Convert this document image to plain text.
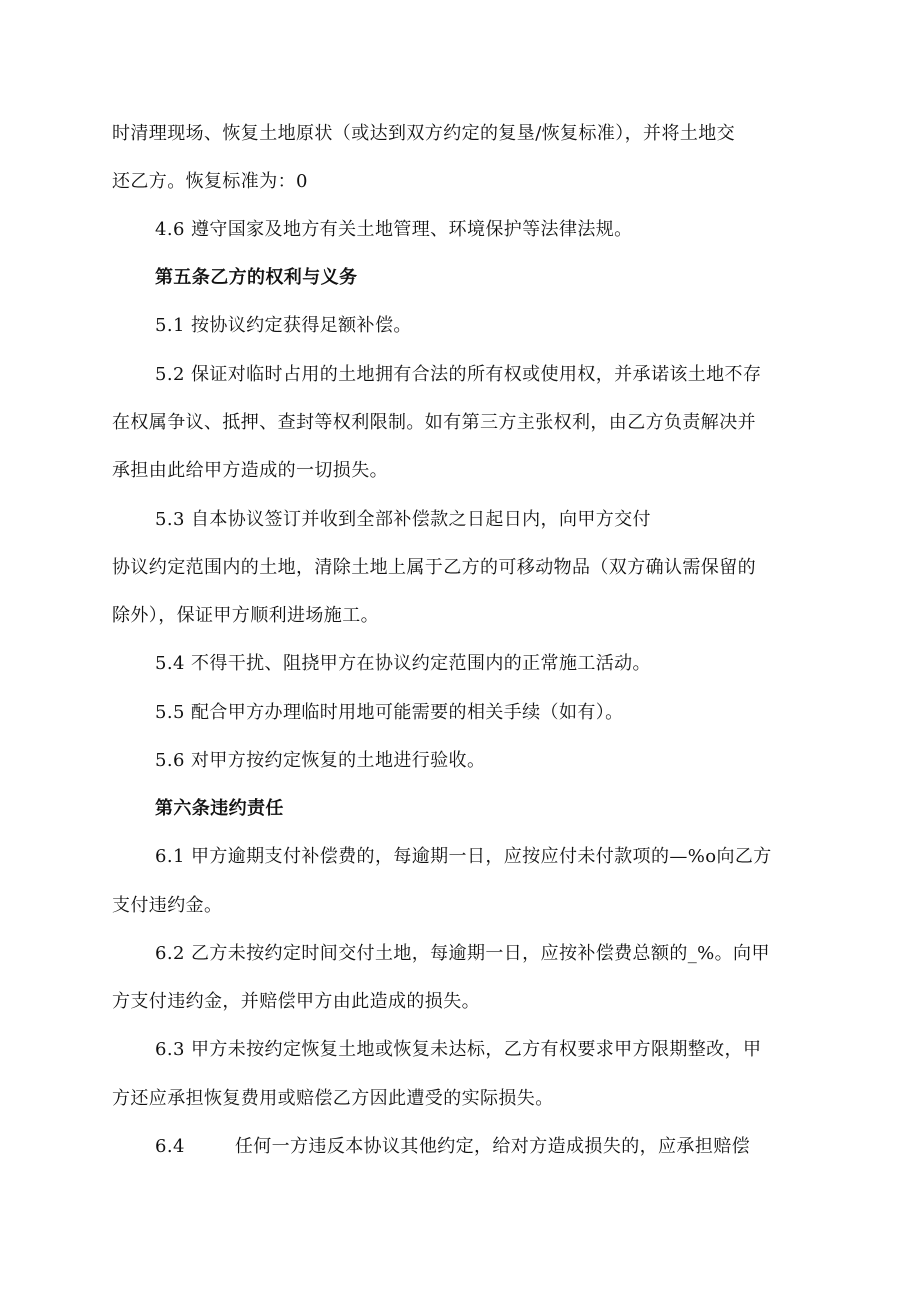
时清理现场、恢复土地原状（或达到双方约定的复垦/恢复标准），并将土地交
还乙方。恢复标准为：0
4.6 遵守国家及地方有关土地管理、环境保护等法律法规。
第五条乙方的权利与义务
5.1 按协议约定获得足额补偿。
5.2 保证对临时占用的土地拥有合法的所有权或使用权，并承诺该土地不存
在权属争议、抵押、查封等权利限制。如有第三方主张权利，由乙方负责解决并
承担由此给甲方造成的一切损失。
5.3 自本协议签订并收到全部补偿款之日起日内，向甲方交付
协议约定范围内的土地，清除土地上属于乙方的可移动物品（双方确认需保留的
除外），保证甲方顺利进场施工。
5.4 不得干扰、阻挠甲方在协议约定范围内的正常施工活动。
5.5 配合甲方办理临时用地可能需要的相关手续（如有）。
5.6 对甲方按约定恢复的土地进行验收。
第六条违约责任
6.1 甲方逾期支付补偿费的，每逾期一日，应按应付未付款项的—%o向乙方
支付违约金。
6.2 乙方未按约定时间交付土地，每逾期一日，应按补偿费总额的_%。向甲
方支付违约金，并赔偿甲方由此造成的损失。
6.3 甲方未按约定恢复土地或恢复未达标，乙方有权要求甲方限期整改，甲
方还应承担恢复费用或赔偿乙方因此遭受的实际损失。
6.4	任何一方违反本协议其他约定，给对方造成损失的，应承担赔偿
